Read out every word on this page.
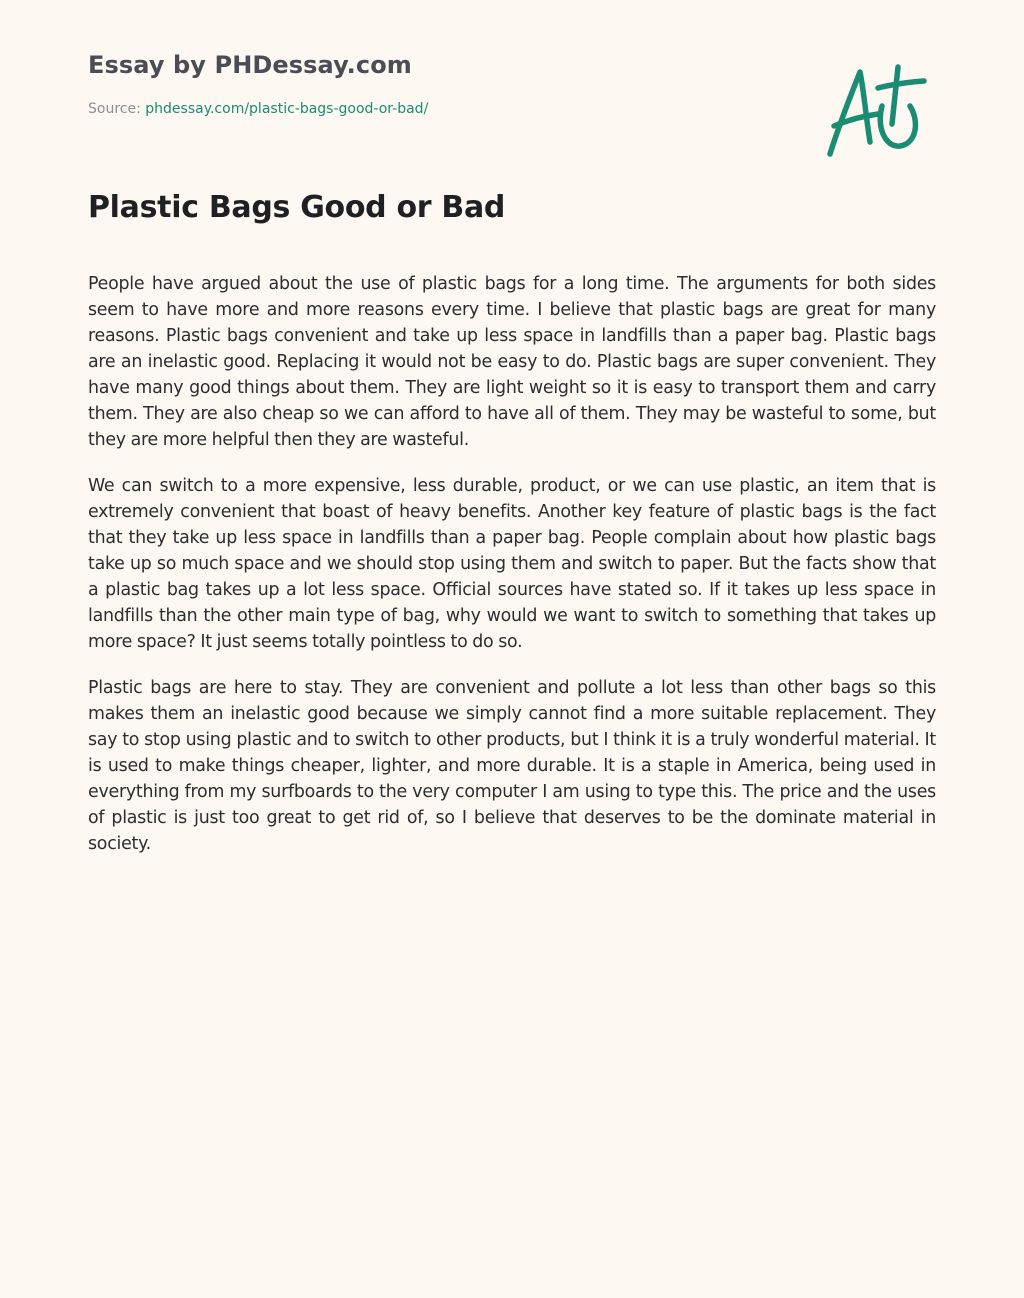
Essay by PHDessay.com
Source: phdessay.com/plastic-bags-good-or-bad/
Plastic Bags Good or Bad

People have argued about the use of plastic bags for a long time. The arguments for both sides seem to have more and more reasons every time. I believe that plastic bags are great for many reasons. Plastic bags convenient and take up less space in landfills than a paper bag. Plastic bags are an inelastic good. Replacing it would not be easy to do. Plastic bags are super convenient. They have many good things about them. They are light weight so it is easy to transport them and carry them. They are also cheap so we can afford to have all of them. They may be wasteful to some, but they are more helpful then they are wasteful.

We can switch to a more expensive, less durable, product, or we can use plastic, an item that is extremely convenient that boast of heavy benefits. Another key feature of plastic bags is the fact that they take up less space in landfills than a paper bag. People complain about how plastic bags take up so much space and we should stop using them and switch to paper. But the facts show that a plastic bag takes up a lot less space. Official sources have stated so. If it takes up less space in landfills than the other main type of bag, why would we want to switch to something that takes up more space? It just seems totally pointless to do so.

Plastic bags are here to stay. They are convenient and pollute a lot less than other bags so this makes them an inelastic good because we simply cannot find a more suitable replacement. They say to stop using plastic and to switch to other products, but I think it is a truly wonderful material. It is used to make things cheaper, lighter, and more durable. It is a staple in America, being used in everything from my surfboards to the very computer I am using to type this. The price and the uses of plastic is just too great to get rid of, so I believe that deserves to be the dominate material in society.
